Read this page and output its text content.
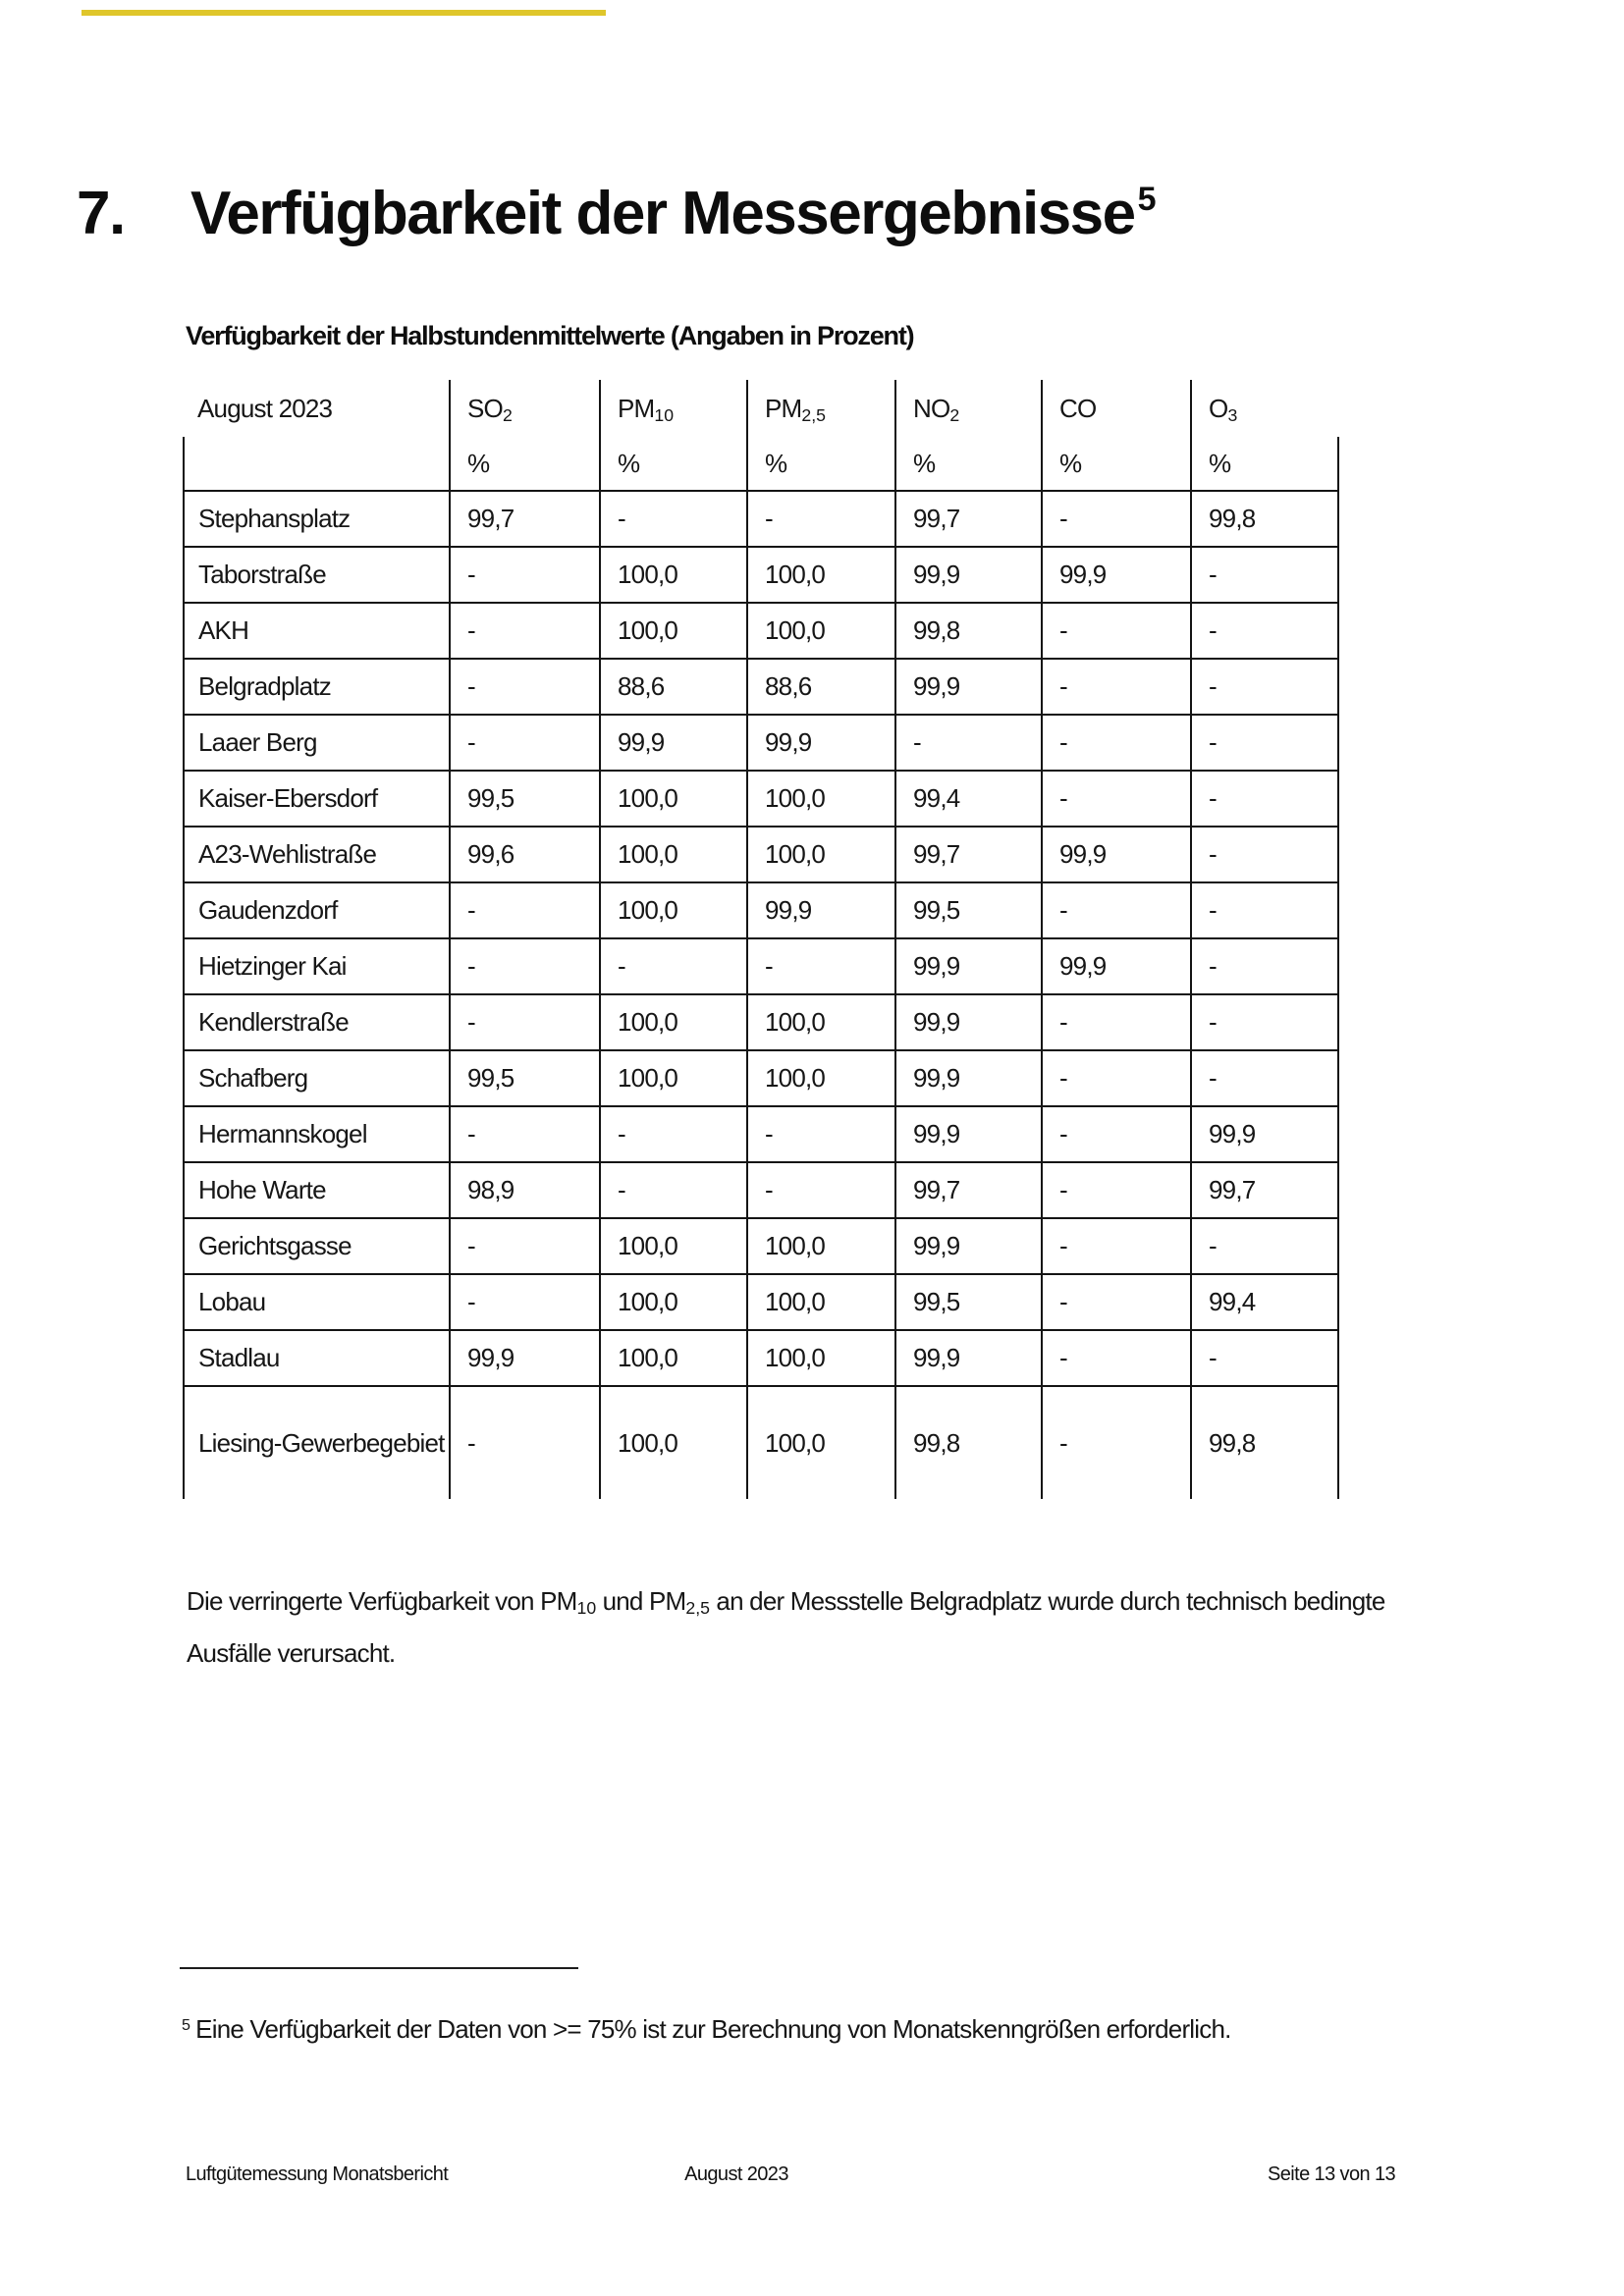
7.	Verfügbarkeit der Messergebnisse$^5$
Verfügbarkeit der Halbstundenmittelwerte (Angaben in Prozent)
August 2023	SO2	PM10	PM2,5	NO2	CO	O3
	%	%	%	%	%	%
Stephansplatz	99,7	-	-	99,7	-	99,8
Taborstraße	-	100,0	100,0	99,9	99,9	-
AKH	-	100,0	100,0	99,8	-	-
Belgradplatz	-	88,6	88,6	99,9	-	-
Laaer Berg	-	99,9	99,9	-	-	-
Kaiser-Ebersdorf	99,5	100,0	100,0	99,4	-	-
A23-Wehlistraße	99,6	100,0	100,0	99,7	99,9	-
Gaudenzdorf	-	100,0	99,9	99,5	-	-
Hietzinger Kai	-	-	-	99,9	99,9	-
Kendlerstraße	-	100,0	100,0	99,9	-	-
Schafberg	99,5	100,0	100,0	99,9	-	-
Hermannskogel	-	-	-	99,9	-	99,9
Hohe Warte	98,9	-	-	99,7	-	99,7
Gerichtsgasse	-	100,0	100,0	99,9	-	-
Lobau	-	100,0	100,0	99,5	-	99,4
Stadlau	99,9	100,0	100,0	99,9	-	-
Liesing-Gewerbegebiet	-	100,0	100,0	99,8	-	99,8
Die verringerte Verfügbarkeit von PM10 und PM2,5 an der Messstelle Belgradplatz wurde durch technisch bedingte
Ausfälle verursacht.
$^5$ Eine Verfügbarkeit der Daten von >= 75% ist zur Berechnung von Monatskenngrößen erforderlich.
Luftgütemessung Monatsbericht	August 2023	Seite 13 von 13
